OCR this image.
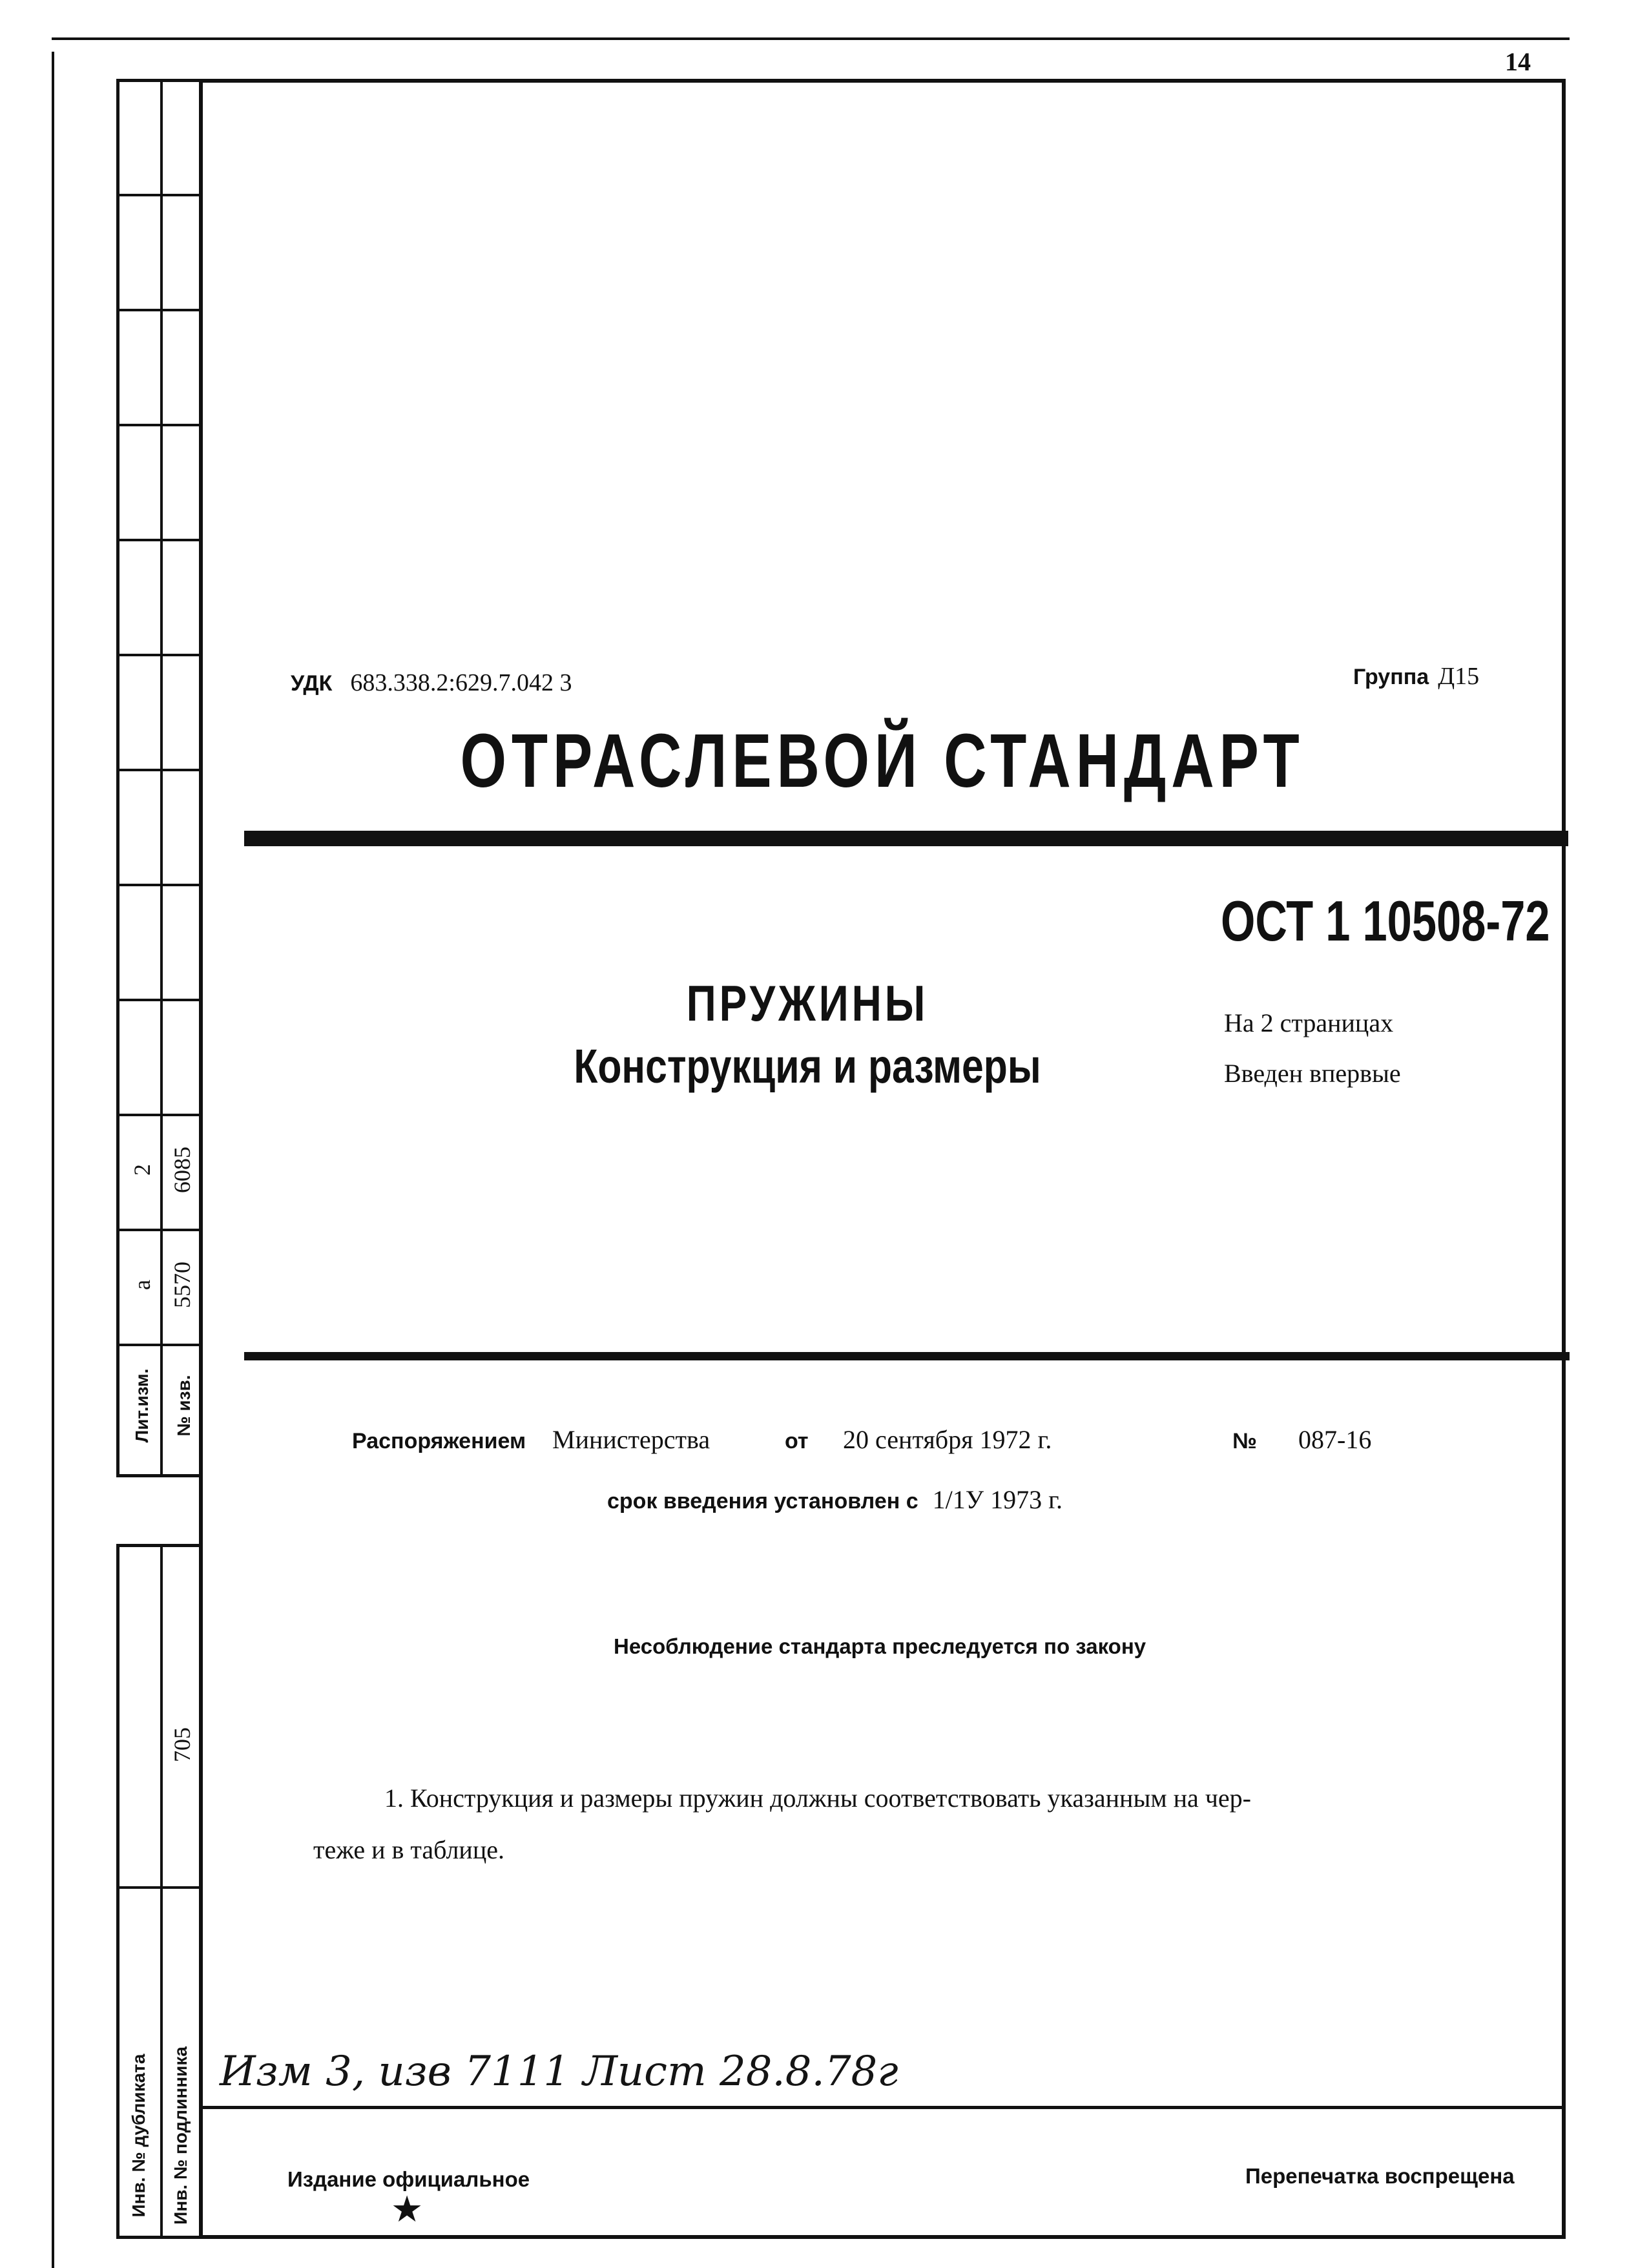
14
2 6085
а 5570
Лит.изм. № изв.
705
Инв. № дубликата Инв. № подлинника
УДК 683.338.2:629.7.042 3	Группа Д15
ОТРАСЛЕВОЙ СТАНДАРТ
ОСТ 1 10508-72
ПРУЖИНЫ
Конструкция и размеры
На 2 страницах
Введен впервые
Распоряжением Министерства	от 20 сентября 1972 г.	№ 087-16
срок введения установлен с 1/1У 1973 г.
Несоблюдение стандарта преследуется по закону
1. Конструкция и размеры пружин должны соответствовать указанным на чер-
теже и в таблице.
Изм 3, изв 7111 Лист 28.8.78г
Издание официальное
★
Перепечатка воспрещена
